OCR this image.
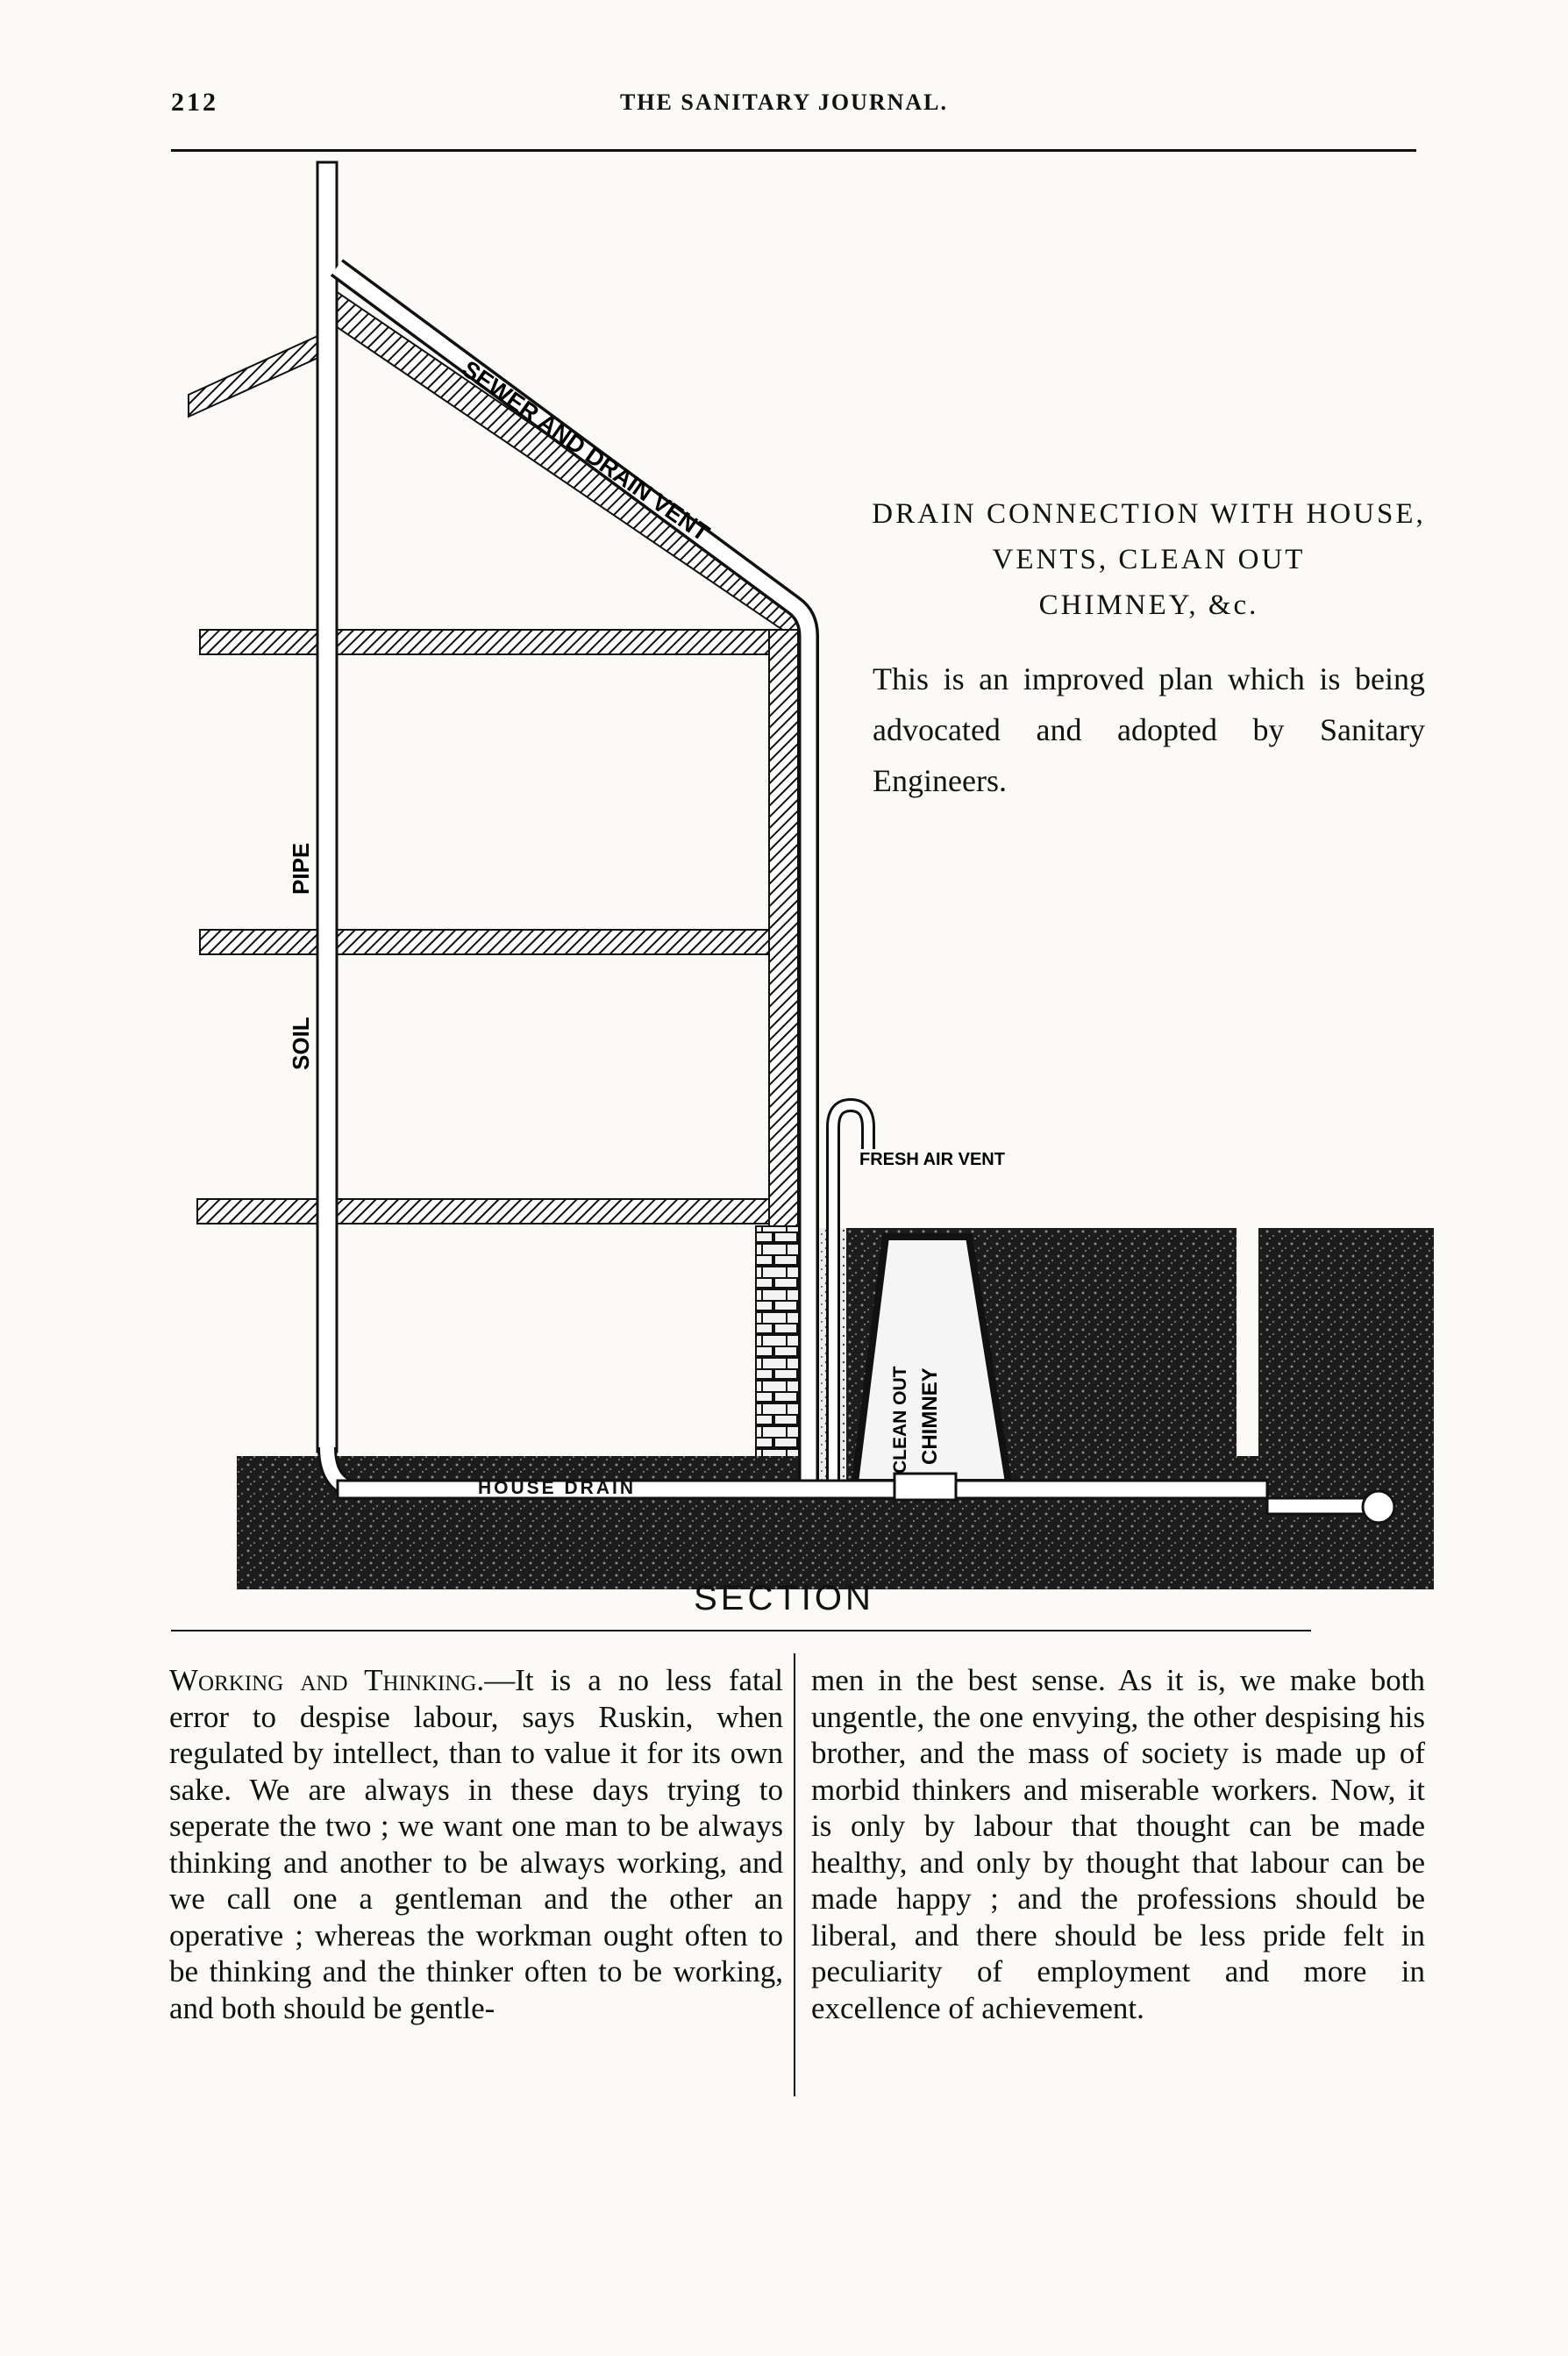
212	THE SANITARY JOURNAL.
SEWER AND DRAIN VENT
SOIL
PIPE
FRESH AIR VENT
HOUSE DRAIN
CLEAN OUT CHIMNEY
DRAIN CONNECTION WITH HOUSE,
VENTS, CLEAN OUT
CHIMNEY, &c.
This is an improved plan which is being advocated and adopted by Sanitary Engineers.
SECTION
Working and Thinking.—It is a no less fatal error to despise labour, says Ruskin, when regulated by intellect, than to value it for its own sake. We are always in these days trying to seperate the two ; we want one man to be always thinking and another to be always working, and we call one a gentleman and the other an operative ; whereas the workman ought often to be thinking and the thinker often to be working, and both should be gentle-
men in the best sense. As it is, we make both ungentle, the one envying, the other despising his brother, and the mass of society is made up of morbid thinkers and miserable workers. Now, it is only by labour that thought can be made healthy, and only by thought that labour can be made happy ; and the professions should be liberal, and there should be less pride felt in peculiarity of employment and more in excellence of achievement.
